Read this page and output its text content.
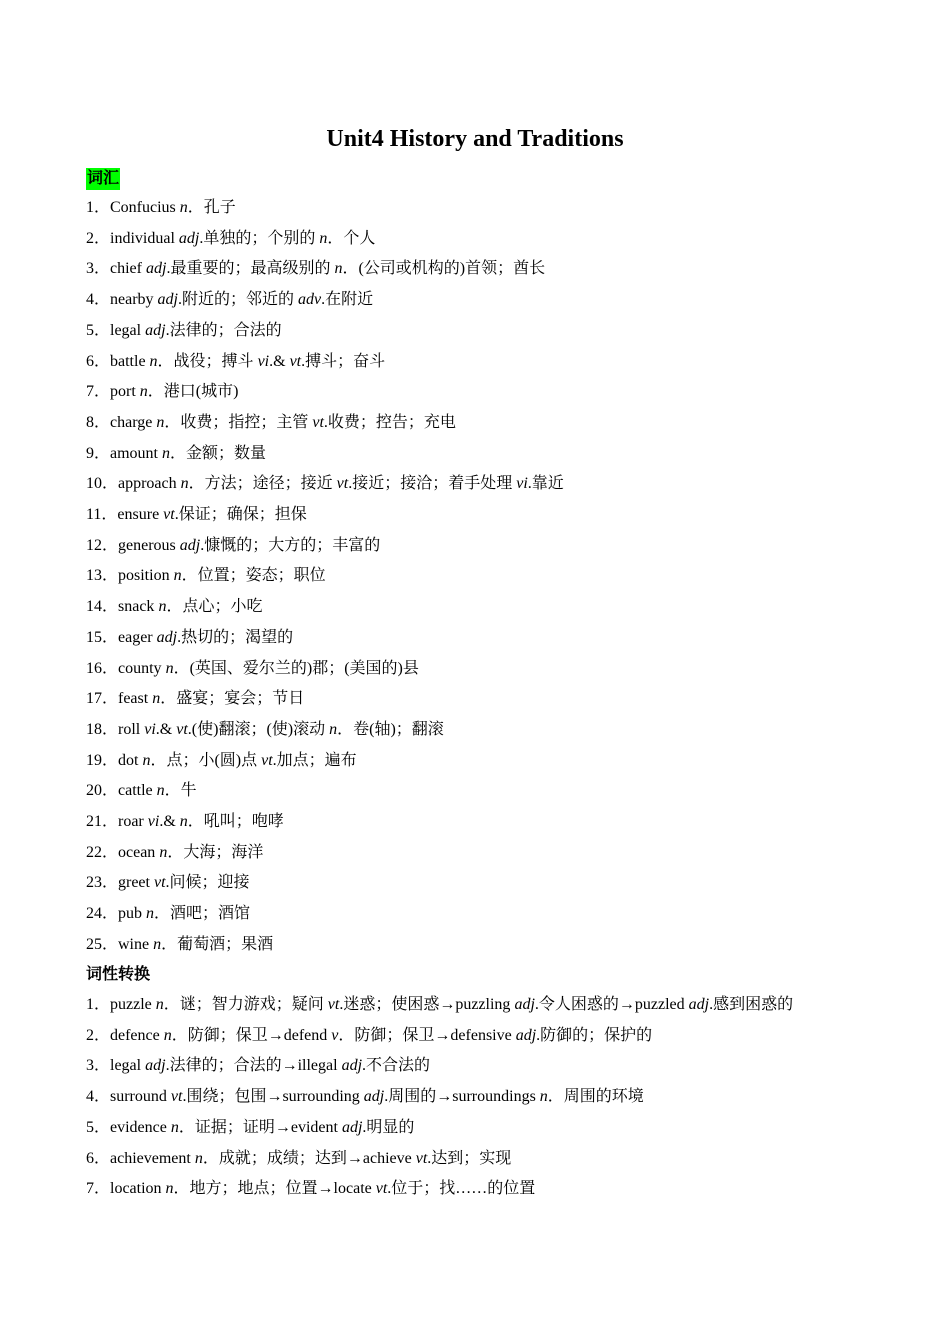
Unit4 History and Traditions
词汇
1．Confucius n．孔子
2．individual adj.单独的；个别的 n．个人
3．chief adj.最重要的；最高级别的 n．(公司或机构的)首领；酋长
4．nearby adj.附近的；邻近的 adv.在附近
5．legal adj.法律的；合法的
6．battle n．战役；搏斗 vi.& vt.搏斗；奋斗
7．port n．港口(城市)
8．charge n．收费；指控；主管 vt.收费；控告；充电
9．amount n．金额；数量
10．approach n．方法；途径；接近 vt.接近；接洽；着手处理 vi.靠近
11．ensure vt.保证；确保；担保
12．generous adj.慷慨的；大方的；丰富的
13．position n．位置；姿态；职位
14．snack n．点心；小吃
15．eager adj.热切的；渴望的
16．county n．(英国、爱尔兰的)郡；(美国的)县
17．feast n．盛宴；宴会；节日
18．roll vi.& vt.(使)翻滚；(使)滚动 n．卷(轴)；翻滚
19．dot n．点；小(圆)点 vt.加点；遍布
20．cattle n．牛
21．roar vi.& n．吼叫；咆哮
22．ocean n．大海；海洋
23．greet vt.问候；迎接
24．pub n．酒吧；酒馆
25．wine n．葡萄酒；果酒
词性转换
1．puzzle n．谜；智力游戏；疑问 vt.迷惑；使困惑→puzzling adj.令人困惑的→puzzled adj.感到困惑的
2．defence n．防御；保卫→defend v．防御；保卫→defensive adj.防御的；保护的
3．legal adj.法律的；合法的→illegal adj.不合法的
4．surround vt.围绕；包围→surrounding adj.周围的→surroundings n．周围的环境
5．evidence n．证据；证明→evident adj.明显的
6．achievement n．成就；成绩；达到→achieve vt.达到；实现
7．location n．地方；地点；位置→locate vt.位于；找……的位置
